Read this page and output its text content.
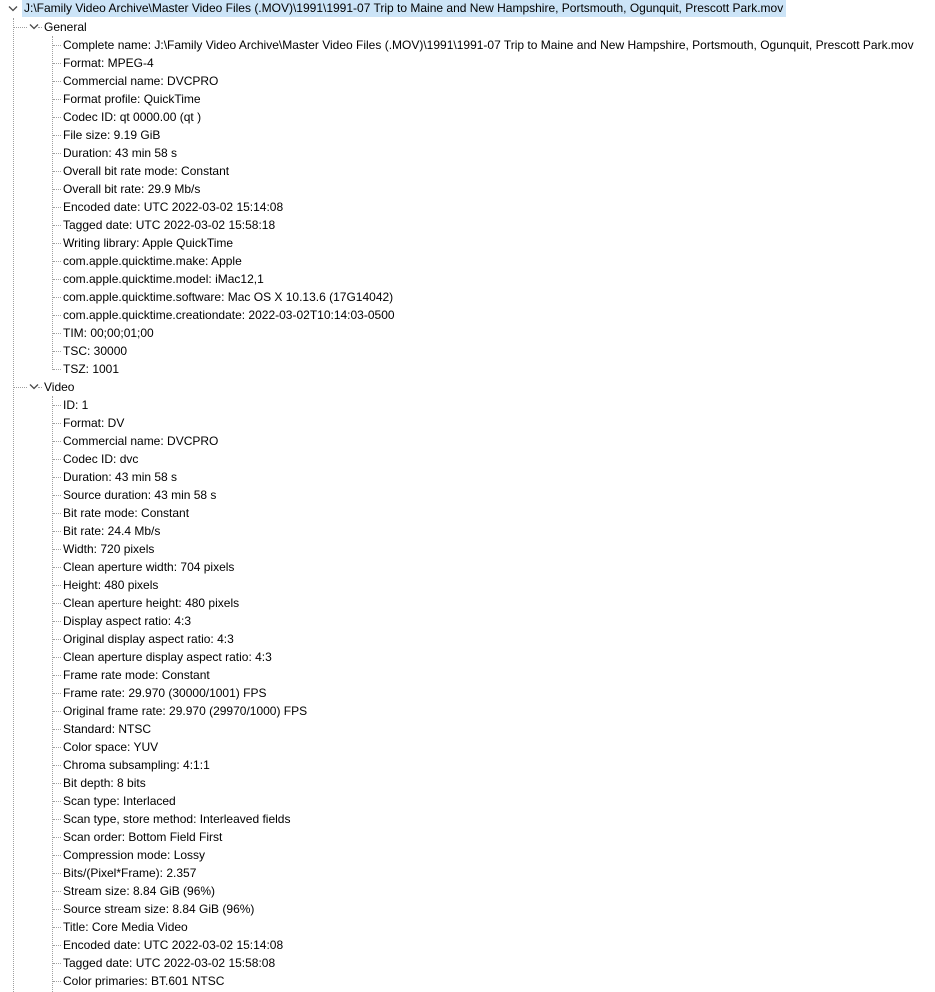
J:\Family Video Archive\Master Video Files (.MOV)\1991\1991-07 Trip to Maine and New Hampshire, Portsmouth, Ogunquit, Prescott Park.mov
General
Complete name: J:\Family Video Archive\Master Video Files (.MOV)\1991\1991-07 Trip to Maine and New Hampshire, Portsmouth, Ogunquit, Prescott Park.mov
Format: MPEG-4
Commercial name: DVCPRO
Format profile: QuickTime
Codec ID: qt 0000.00 (qt )
File size: 9.19 GiB
Duration: 43 min 58 s
Overall bit rate mode: Constant
Overall bit rate: 29.9 Mb/s
Encoded date: UTC 2022-03-02 15:14:08
Tagged date: UTC 2022-03-02 15:58:18
Writing library: Apple QuickTime
com.apple.quicktime.make: Apple
com.apple.quicktime.model: iMac12,1
com.apple.quicktime.software: Mac OS X 10.13.6 (17G14042)
com.apple.quicktime.creationdate: 2022-03-02T10:14:03-0500
TIM: 00;00;01;00
TSC: 30000
TSZ: 1001
Video
ID: 1
Format: DV
Commercial name: DVCPRO
Codec ID: dvc
Duration: 43 min 58 s
Source duration: 43 min 58 s
Bit rate mode: Constant
Bit rate: 24.4 Mb/s
Width: 720 pixels
Clean aperture width: 704 pixels
Height: 480 pixels
Clean aperture height: 480 pixels
Display aspect ratio: 4:3
Original display aspect ratio: 4:3
Clean aperture display aspect ratio: 4:3
Frame rate mode: Constant
Frame rate: 29.970 (30000/1001) FPS
Original frame rate: 29.970 (29970/1000) FPS
Standard: NTSC
Color space: YUV
Chroma subsampling: 4:1:1
Bit depth: 8 bits
Scan type: Interlaced
Scan type, store method: Interleaved fields
Scan order: Bottom Field First
Compression mode: Lossy
Bits/(Pixel*Frame): 2.357
Stream size: 8.84 GiB (96%)
Source stream size: 8.84 GiB (96%)
Title: Core Media Video
Encoded date: UTC 2022-03-02 15:14:08
Tagged date: UTC 2022-03-02 15:58:08
Color primaries: BT.601 NTSC
